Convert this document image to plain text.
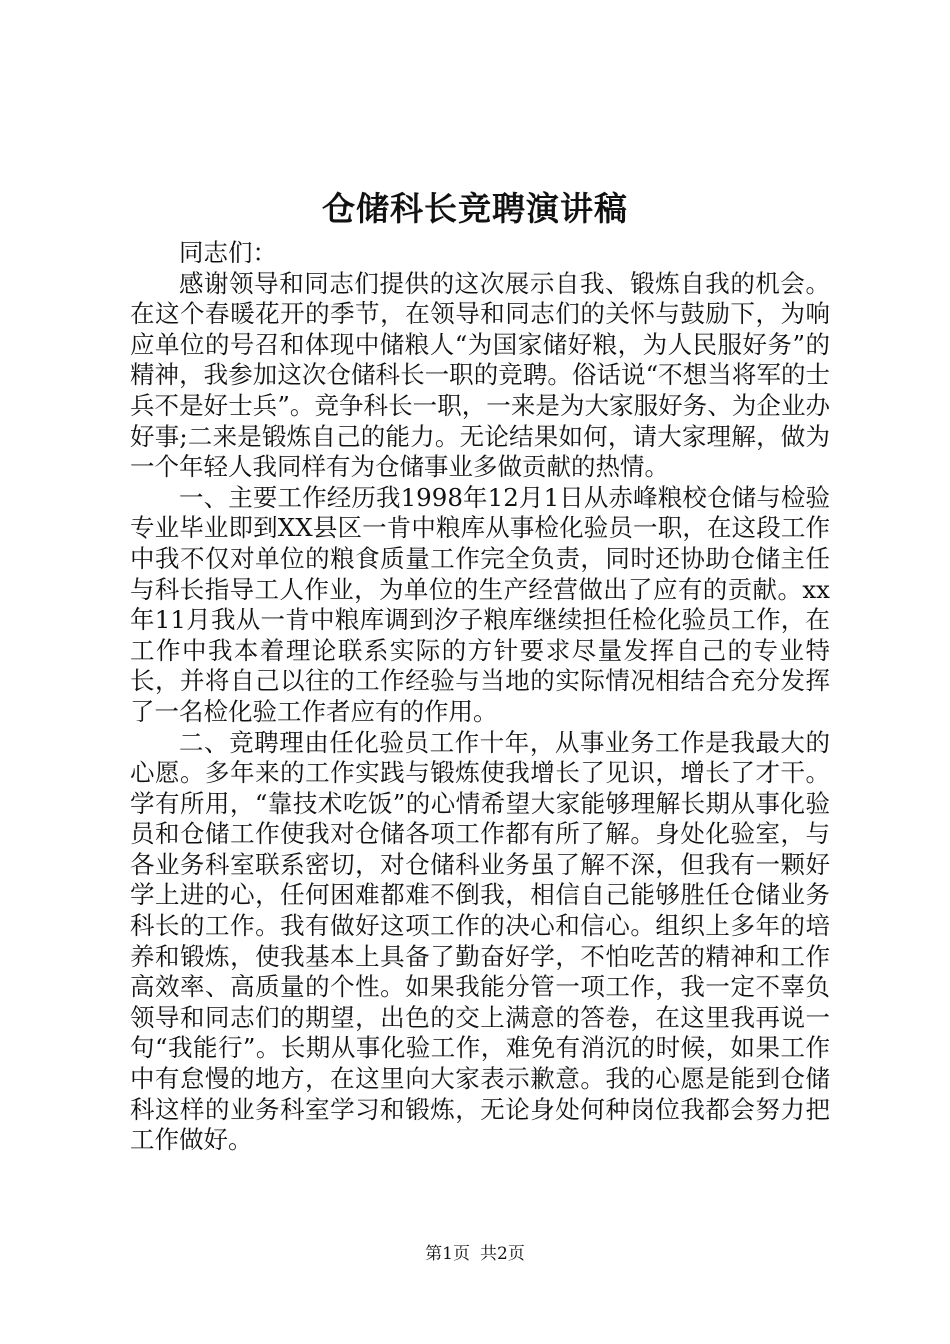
仓储科长竞聘演讲稿

同志们：

感谢领导和同志们提供的这次展示自我、锻炼自我的机会。在这个春暖花开的季节，在领导和同志们的关怀与鼓励下，为响应单位的号召和体现中储粮人“为国家储好粮，为人民服好务”的精神，我参加这次仓储科长一职的竞聘。俗话说“不想当将军的士兵不是好士兵”。竞争科长一职，一来是为大家服好务、为企业办好事;二来是锻炼自己的能力。无论结果如何，请大家理解，做为一个年轻人我同样有为仓储事业多做贡献的热情。

一、主要工作经历我1998年12月1日从赤峰粮校仓储与检验专业毕业即到XX县区一肯中粮库从事检化验员一职，在这段工作中我不仅对单位的粮食质量工作完全负责，同时还协助仓储主任与科长指导工人作业，为单位的生产经营做出了应有的贡献。xx年11月我从一肯中粮库调到汐子粮库继续担任检化验员工作，在工作中我本着理论联系实际的方针要求尽量发挥自己的专业特长，并将自己以往的工作经验与当地的实际情况相结合充分发挥了一名检化验工作者应有的作用。

二、竞聘理由任化验员工作十年，从事业务工作是我最大的心愿。多年来的工作实践与锻炼使我增长了见识，增长了才干。学有所用，“靠技术吃饭”的心情希望大家能够理解长期从事化验员和仓储工作使我对仓储各项工作都有所了解。身处化验室，与各业务科室联系密切，对仓储科业务虽了解不深，但我有一颗好学上进的心，任何困难都难不倒我，相信自己能够胜任仓储业务科长的工作。我有做好这项工作的决心和信心。组织上多年的培养和锻炼，使我基本上具备了勤奋好学，不怕吃苦的精神和工作高效率、高质量的个性。如果我能分管一项工作，我一定不辜负领导和同志们的期望，出色的交上满意的答卷，在这里我再说一句“我能行”。长期从事化验工作，难免有消沉的时候，如果工作中有怠慢的地方，在这里向大家表示歉意。我的心愿是能到仓储科这样的业务科室学习和锻炼，无论身处何种岗位我都会努力把工作做好。

第1页 共2页
